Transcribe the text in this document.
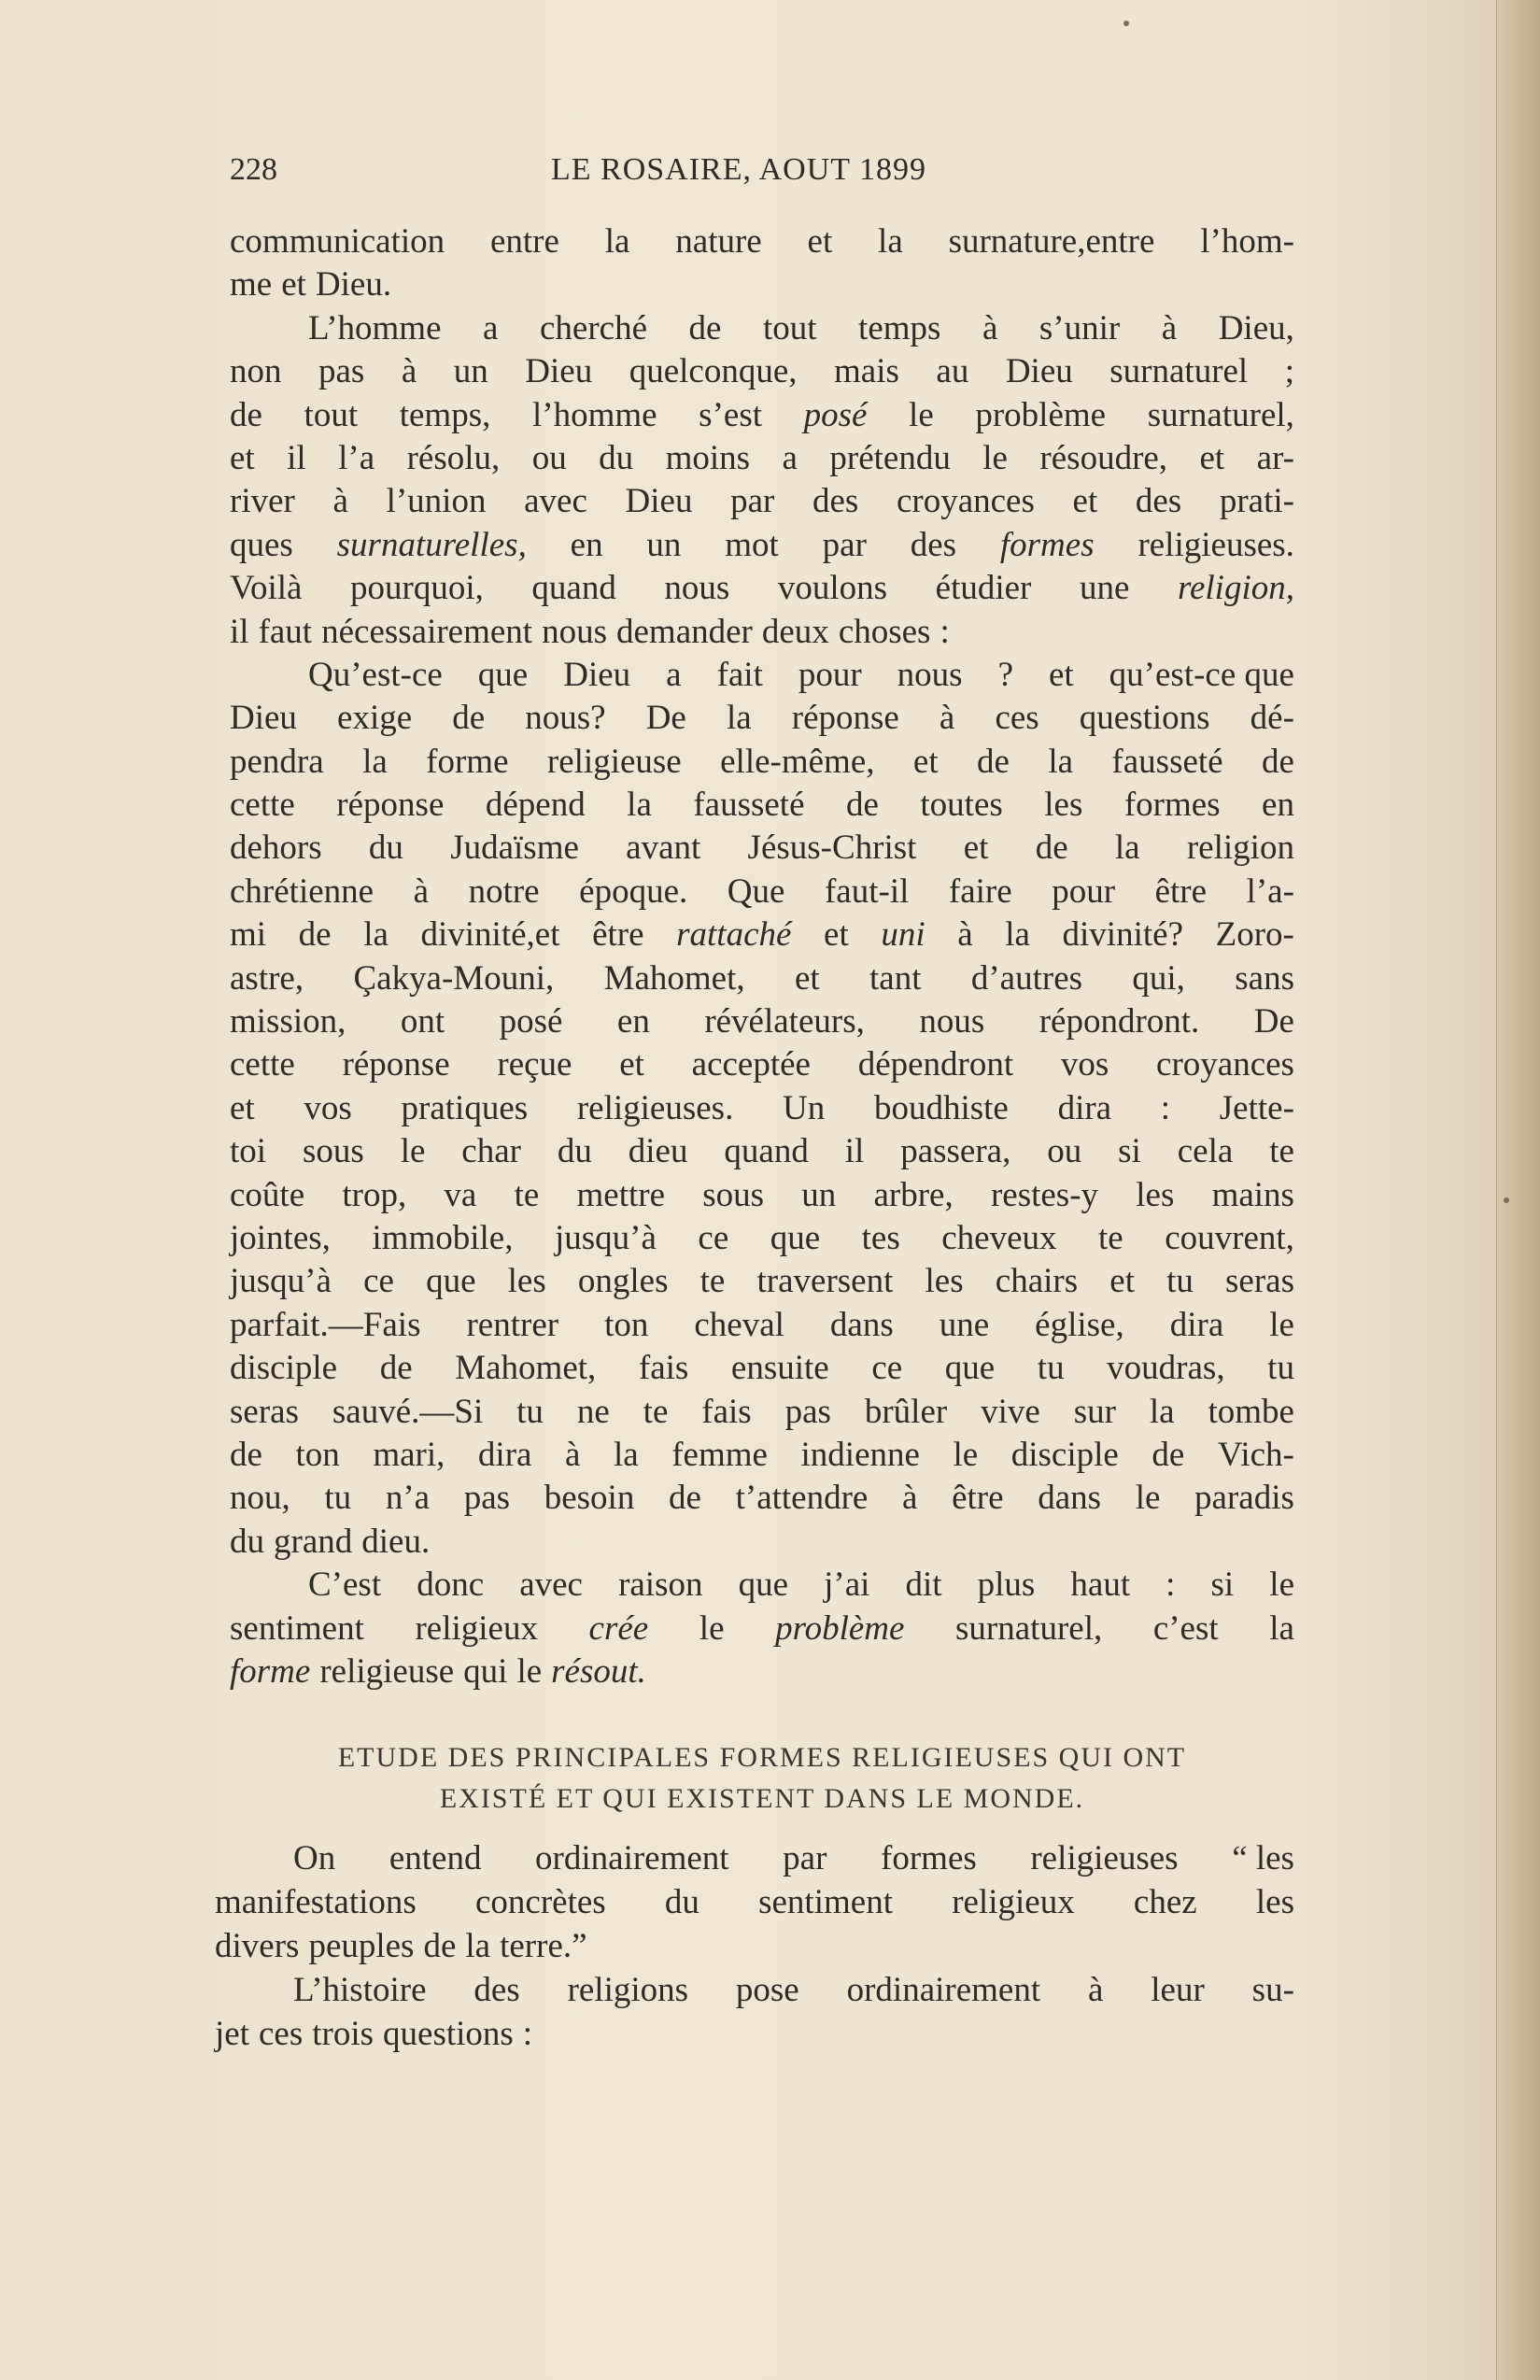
228	LE ROSAIRE, AOUT 1899
communication entre la nature et la surnature,entre l’hom-
me et Dieu.
L’homme a cherché de tout temps à s’unir à Dieu,
non pas à un Dieu quelconque, mais au Dieu surnaturel ;
de tout temps, l’homme s’est posé le problème surnaturel,
et il l’a résolu, ou du moins a prétendu le résoudre, et ar-
river à l’union avec Dieu par des croyances et des prati-
ques surnaturelles, en un mot par des formes religieuses.
Voilà pourquoi, quand nous voulons étudier une religion,
il faut nécessairement nous demander deux choses :
Qu’est-ce que Dieu a fait pour nous ? et qu’est-ce que
Dieu exige de nous? De la réponse à ces questions dé-
pendra la forme religieuse elle-même, et de la fausseté de
cette réponse dépend la fausseté de toutes les formes en
dehors du Judaïsme avant Jésus-Christ et de la religion
chrétienne à notre époque. Que faut-il faire pour être l’a-
mi de la divinité,et être rattaché et uni à la divinité? Zoro-
astre, Çakya-Mouni, Mahomet, et tant d’autres qui, sans
mission, ont posé en révélateurs, nous répondront. De
cette réponse reçue et acceptée dépendront vos croyances
et vos pratiques religieuses. Un boudhiste dira : Jette-
toi sous le char du dieu quand il passera, ou si cela te
coûte trop, va te mettre sous un arbre, restes-y les mains
jointes, immobile, jusqu’à ce que tes cheveux te couvrent,
jusqu’à ce que les ongles te traversent les chairs et tu seras
parfait.—Fais rentrer ton cheval dans une église, dira le
disciple de Mahomet, fais ensuite ce que tu voudras, tu
seras sauvé.—Si tu ne te fais pas brûler vive sur la tombe
de ton mari, dira à la femme indienne le disciple de Vich-
nou, tu n’a pas besoin de t’attendre à être dans le paradis
du grand dieu.
C’est donc avec raison que j’ai dit plus haut : si le
sentiment religieux crée le problème surnaturel, c’est la
forme religieuse qui le résout.
ETUDE DES PRINCIPALES FORMES RELIGIEUSES QUI ONT
EXISTÉ ET QUI EXISTENT DANS LE MONDE.
On entend ordinairement par formes religieuses “ les
manifestations concrètes du sentiment religieux chez les
divers peuples de la terre.”
L’histoire des religions pose ordinairement à leur su-
jet ces trois questions :
